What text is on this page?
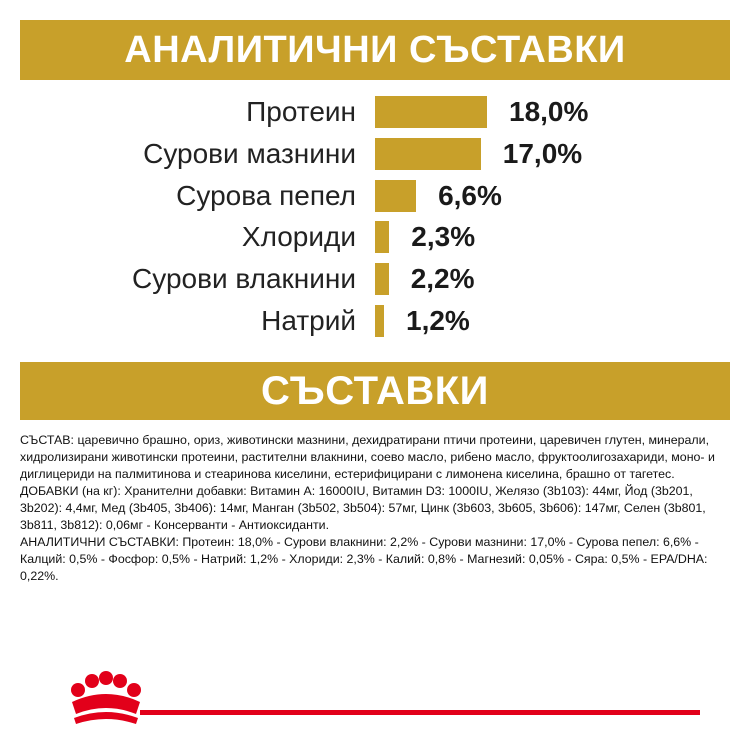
АНАЛИТИЧНИ СЪСТАВКИ
Протеин	18,0%
Сурови мазнини	17,0%
Сурова пепел	6,6%
Хлориди 2,3%
Сурови влакнини 2,2%
Натрий 1,2%
СЪСТАВКИ

СЪСТАВ: царевично брашно, ориз, животински мазнини, дехидратирани птичи протеини, царевичен глутен, минерали, хидролизирани животински протеини, растителни влакнини, соево масло, рибено масло, фруктоолигозахариди, моно- и диглицериди на палмитинова и стеаринова киселини, естерифицирани с лимонена киселина, брашно от тагетес.

ДОБАВКИ (на кг): Хранителни добавки: Витамин А: 16000IU, Витамин D3: 1000IU, Желязо (3b103): 44мг, Йод (3b201, 3b202): 4,4мг, Мед (3b405, 3b406): 14мг, Манган (3b502, 3b504): 57мг, Цинк (3b603, 3b605, 3b606): 147мг, Селен (3b801, 3b811, 3b812): 0,06мг - Консерванти - Антиоксиданти.

АНАЛИТИЧНИ СЪСТАВКИ: Протеин: 18,0% - Сурови влакнини: 2,2% - Сурови мазнини: 17,0% - Сурова пепел: 6,6% - Калций: 0,5% - Фосфор: 0,5% - Натрий: 1,2% - Хлориди: 2,3% - Калий: 0,8% - Магнезий: 0,05% - Сяра: 0,5% - EPA/DHA: 0,22%.
